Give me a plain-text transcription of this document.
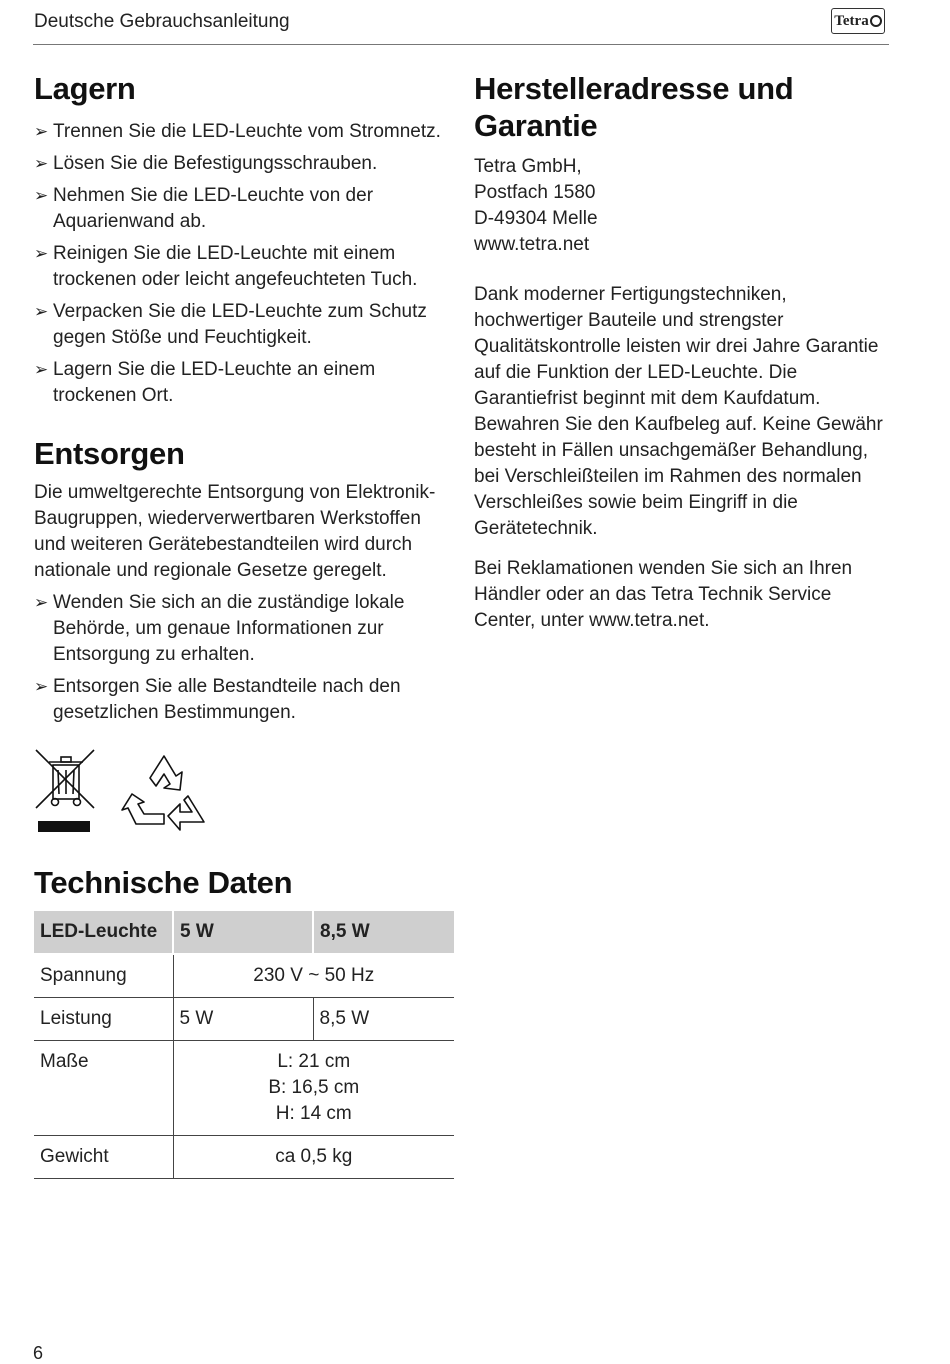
Deutsche Gebrauchsanleitung	Tetra
Lagern
➢ Trennen Sie die LED-Leuchte vom Stromnetz.
➢ Lösen Sie die Befestigungsschrauben.
➢ Nehmen Sie die LED-Leuchte von der Aquarienwand ab.
➢ Reinigen Sie die LED-Leuchte mit einem trockenen oder leicht angefeuchteten Tuch.
➢ Verpacken Sie die LED-Leuchte zum Schutz gegen Stöße und Feuchtigkeit.
➢ Lagern Sie die LED-Leuchte an einem trockenen Ort.
Entsorgen

Die umweltgerechte Entsorgung von Elektronik-Baugruppen, wiederverwertbaren Werkstoffen und weiteren Gerätebestandteilen wird durch nationale und regionale Gesetze geregelt.

➢ Wenden Sie sich an die zuständige lokale Behörde, um genaue Informationen zur Entsorgung zu erhalten.
➢ Entsorgen Sie alle Bestandteile nach den gesetzlichen Bestimmungen.
Technische Daten
LED-Leuchte	5 W	8,5 W
Spannung	230 V ~ 50 Hz	
Leistung	5 W	8,5 W
Maße	L: 21 cm
B: 16,5 cm
H: 14 cm	

Gewicht	ca 0,5 kg	
Herstelleradresse und Garantie

Tetra GmbH,

Postfach 1580

D-49304 Melle

www.tetra.net

Dank moderner Fertigungstechniken, hochwertiger Bauteile und strengster Qualitätskontrolle leisten wir drei Jahre Garantie auf die Funktion der LED-Leuchte. Die Garantiefrist beginnt mit dem Kaufdatum. Bewahren Sie den Kaufbeleg auf. Keine Gewähr besteht in Fällen unsachgemäßer Behandlung, bei Verschleißteilen im Rahmen des normalen Verschleißes sowie beim Eingriff in die Gerätetechnik.

Bei Reklamationen wenden Sie sich an Ihren Händler oder an das Tetra Technik Service Center, unter www.tetra.net.

6
